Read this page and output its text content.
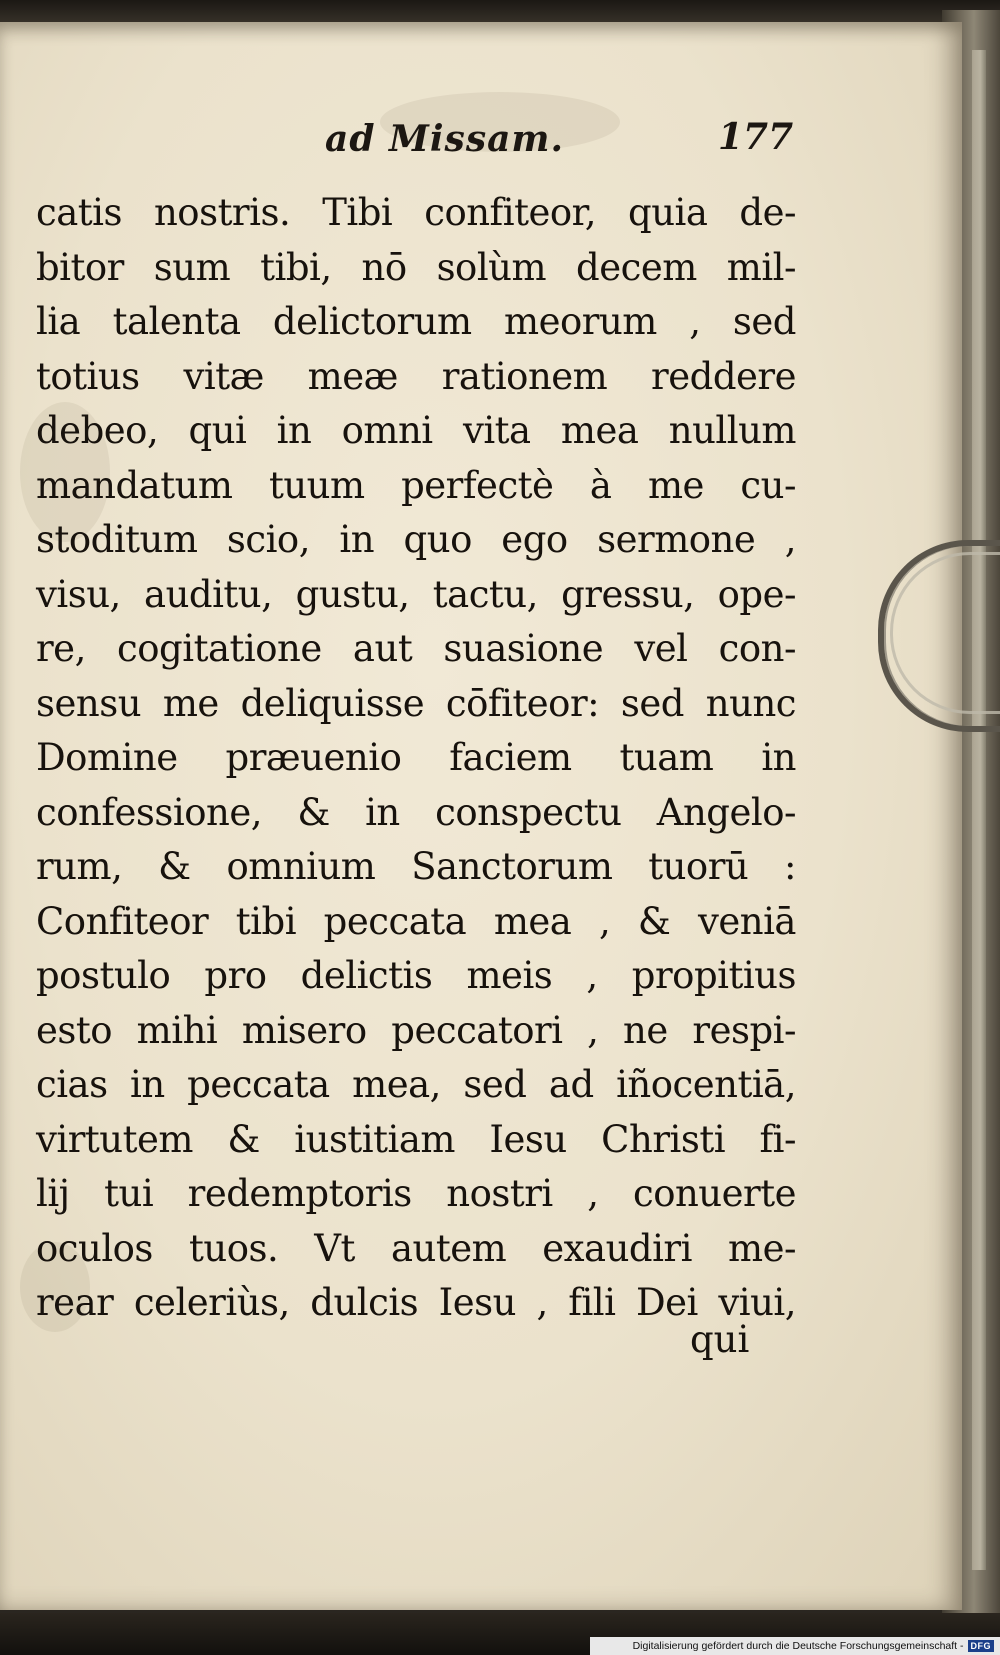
ad Missam.	177
catis nostris. Tibi confiteor, quia de-
bitor sum tibi, nō solùm decem mil-
lia talenta delictorum meorum , sed
totius vitæ meæ rationem reddere
debeo, qui in omni vita mea nullum
mandatum tuum perfectè à me cu-
stoditum scio, in quo ego sermone ,
visu, auditu, gustu, tactu, gressu, ope-
re, cogitatione aut suasione vel con-
sensu me deliquisse cōfiteor: sed nunc
Domine præuenio faciem tuam in
confessione, & in conspectu Angelo-
rum, & omnium Sanctorum tuorū :
Confiteor tibi peccata mea , & veniā
postulo pro delictis meis , propitius
esto mihi misero peccatori , ne respi-
cias in peccata mea, sed ad iñocentiā,
virtutem & iustitiam Iesu Christi fi-
lij tui redemptoris nostri , conuerte
oculos tuos. Vt autem exaudiri me-
rear celeriùs, dulcis Iesu , fili Dei viui,
qui
Digitalisierung gefördert durch die Deutsche Forschungsgemeinschaft - DFG
